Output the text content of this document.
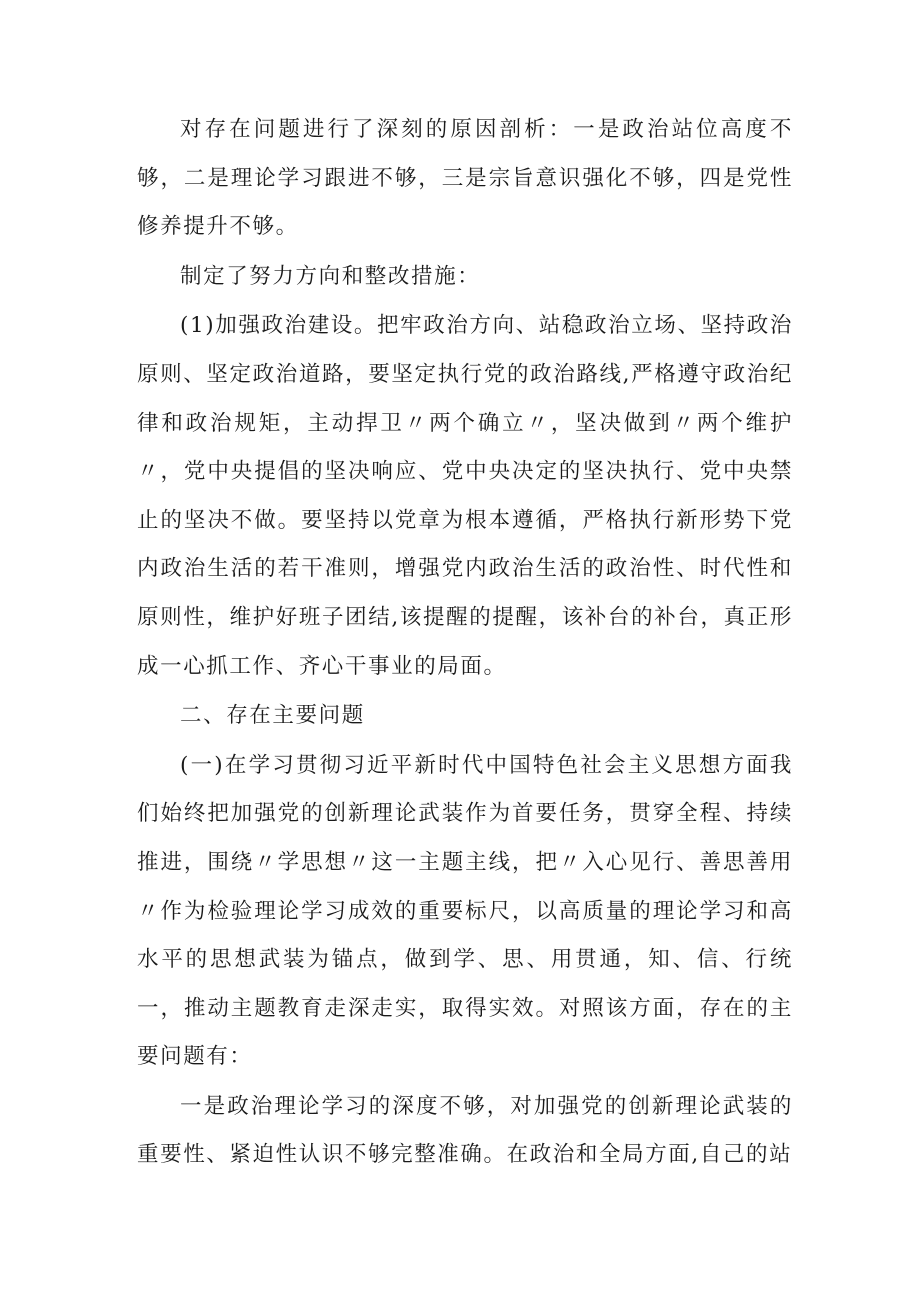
对存在问题进行了深刻的原因剖析：一是政治站位高度不够，二是理论学习跟进不够，三是宗旨意识强化不够，四是党性修养提升不够。

制定了努力方向和整改措施：

(1)加强政治建设。把牢政治方向、站稳政治立场、坚持政治原则、坚定政治道路，要坚定执行党的政治路线,严格遵守政治纪律和政治规矩，主动捍卫〃两个确立〃，坚决做到〃两个维护〃，党中央提倡的坚决响应、党中央决定的坚决执行、党中央禁止的坚决不做。要坚持以党章为根本遵循，严格执行新形势下党内政治生活的若干准则，增强党内政治生活的政治性、时代性和原则性，维护好班子团结,该提醒的提醒，该补台的补台，真正形成一心抓工作、齐心干事业的局面。

二、存在主要问题

(一)在学习贯彻习近平新时代中国特色社会主义思想方面我们始终把加强党的创新理论武装作为首要任务，贯穿全程、持续推进，围绕〃学思想〃这一主题主线，把〃入心见行、善思善用〃作为检验理论学习成效的重要标尺，以高质量的理论学习和高水平的思想武装为锚点，做到学、思、用贯通，知、信、行统一，推动主题教育走深走实，取得实效。对照该方面，存在的主要问题有：

一是政治理论学习的深度不够，对加强党的创新理论武装的重要性、紧迫性认识不够完整准确。在政治和全局方面,自己的站
